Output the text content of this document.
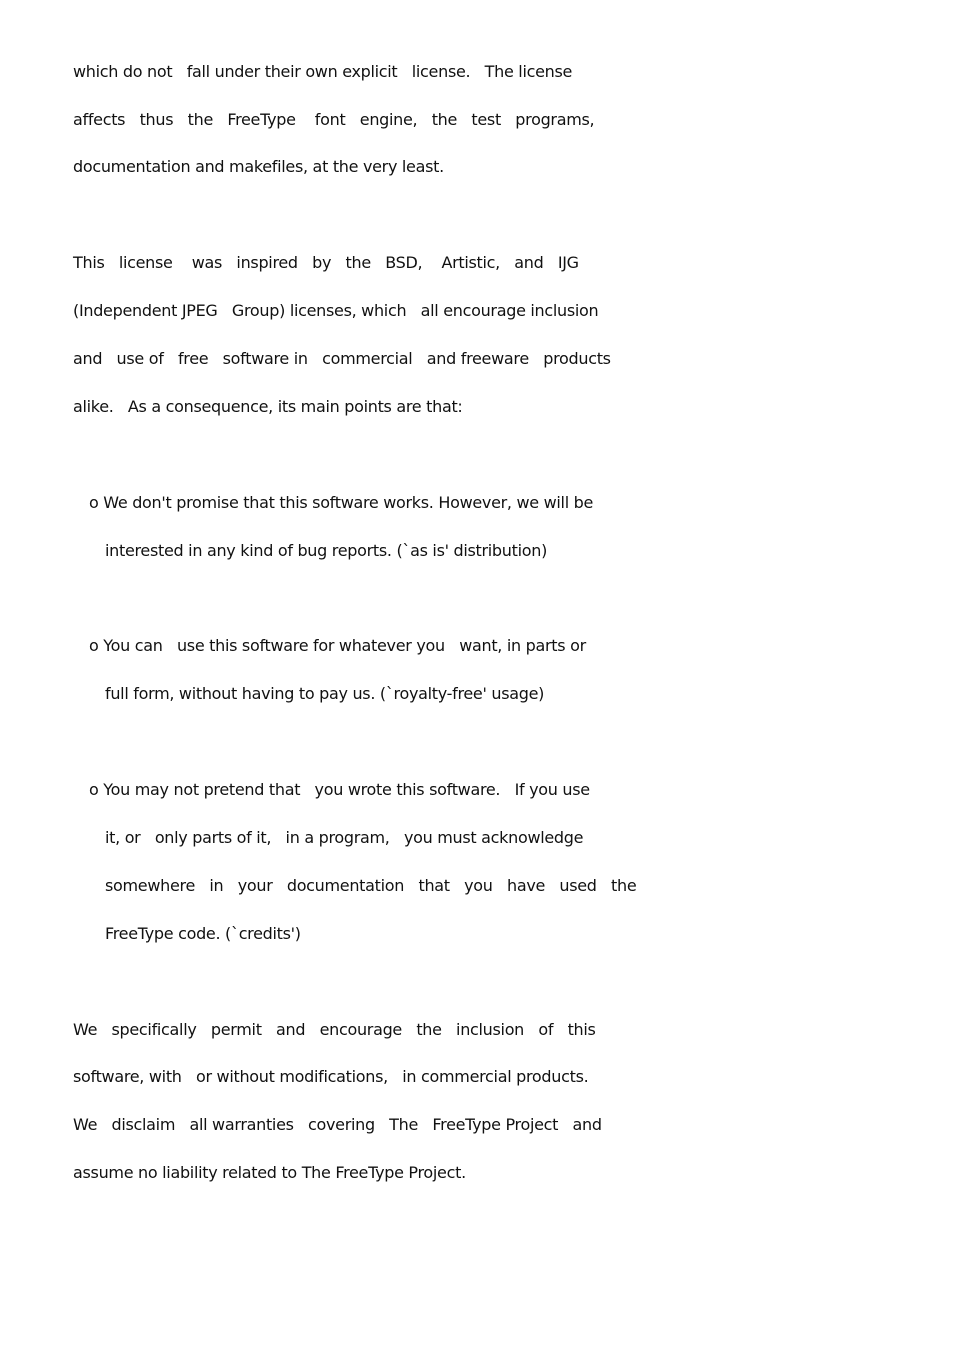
which do not   fall under their own explicit   license.   The license
affects   thus   the   FreeType    font   engine,   the   test   programs,
documentation and makefiles, at the very least.
This   license    was   inspired   by   the   BSD,    Artistic,   and   IJG
(Independent JPEG   Group) licenses, which   all encourage inclusion
and   use of   free   software in   commercial   and freeware   products
alike.   As a consequence, its main points are that:
o We don't promise that this software works. However, we will be
interested in any kind of bug reports. (`as is' distribution)
o You can   use this software for whatever you   want, in parts or
full form, without having to pay us. (`royalty-free' usage)
o You may not pretend that   you wrote this software.   If you use
it, or   only parts of it,   in a program,   you must acknowledge
somewhere   in   your   documentation   that   you   have   used   the
FreeType code. (`credits')
We   specifically   permit   and   encourage   the   inclusion   of   this
software, with   or without modifications,   in commercial products.
We   disclaim   all warranties   covering   The   FreeType Project   and
assume no liability related to The FreeType Project.
